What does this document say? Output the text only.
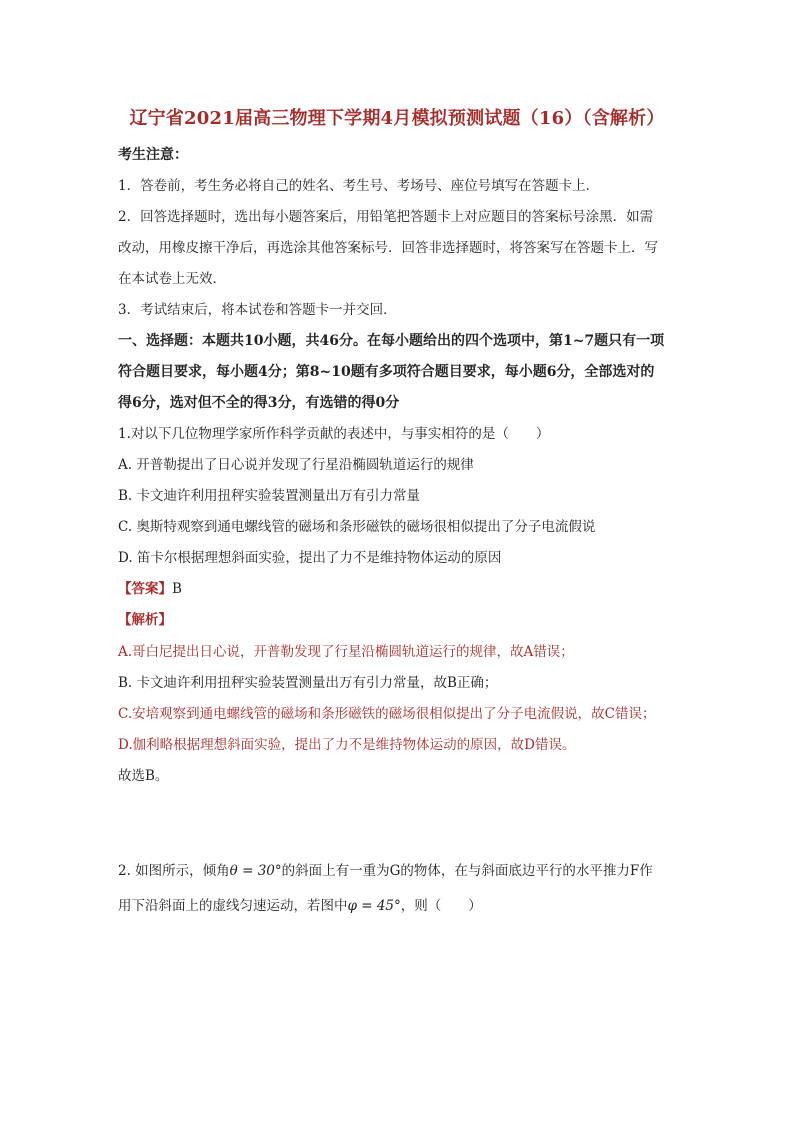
辽宁省2021届高三物理下学期4月模拟预测试题（16）（含解析）
考生注意：
1．答卷前，考生务必将自己的姓名、考生号、考场号、座位号填写在答题卡上．
2．回答选择题时，选出每小题答案后，用铅笔把答题卡上对应题目的答案标号涂黑．如需
改动，用橡皮擦干净后，再选涂其他答案标号．回答非选择题时，将答案写在答题卡上．写
在本试卷上无效．
3．考试结束后，将本试卷和答题卡一并交回．
一、选择题：本题共10小题，共46分。在每小题给出的四个选项中，第1~7题只有一项
符合题目要求，每小题4分；第8~10题有多项符合题目要求，每小题6分，全部选对的
得6分，选对但不全的得3分，有选错的得0分
1.对以下几位物理学家所作科学贡献的表述中，与事实相符的是（　　）
A. 开普勒提出了日心说并发现了行星沿椭圆轨道运行的规律
B. 卡文迪许利用扭秤实验装置测量出万有引力常量
C. 奥斯特观察到通电螺线管的磁场和条形磁铁的磁场很相似提出了分子电流假说
D. 笛卡尔根据理想斜面实验，提出了力不是维持物体运动的原因
【答案】B
【解析】
A.哥白尼提出日心说，开普勒发现了行星沿椭圆轨道运行的规律，故A错误；
B. 卡文迪许利用扭秤实验装置测量出万有引力常量，故B正确；
C.安培观察到通电螺线管的磁场和条形磁铁的磁场很相似提出了分子电流假说，故C错误；
D.伽利略根据理想斜面实验，提出了力不是维持物体运动的原因，故D错误。
故选B。
2. 如图所示，倾角θ = 30°的斜面上有一重为G的物体，在与斜面底边平行的水平推力F作
用下沿斜面上的虚线匀速运动，若图中φ = 45°，则（　　）
